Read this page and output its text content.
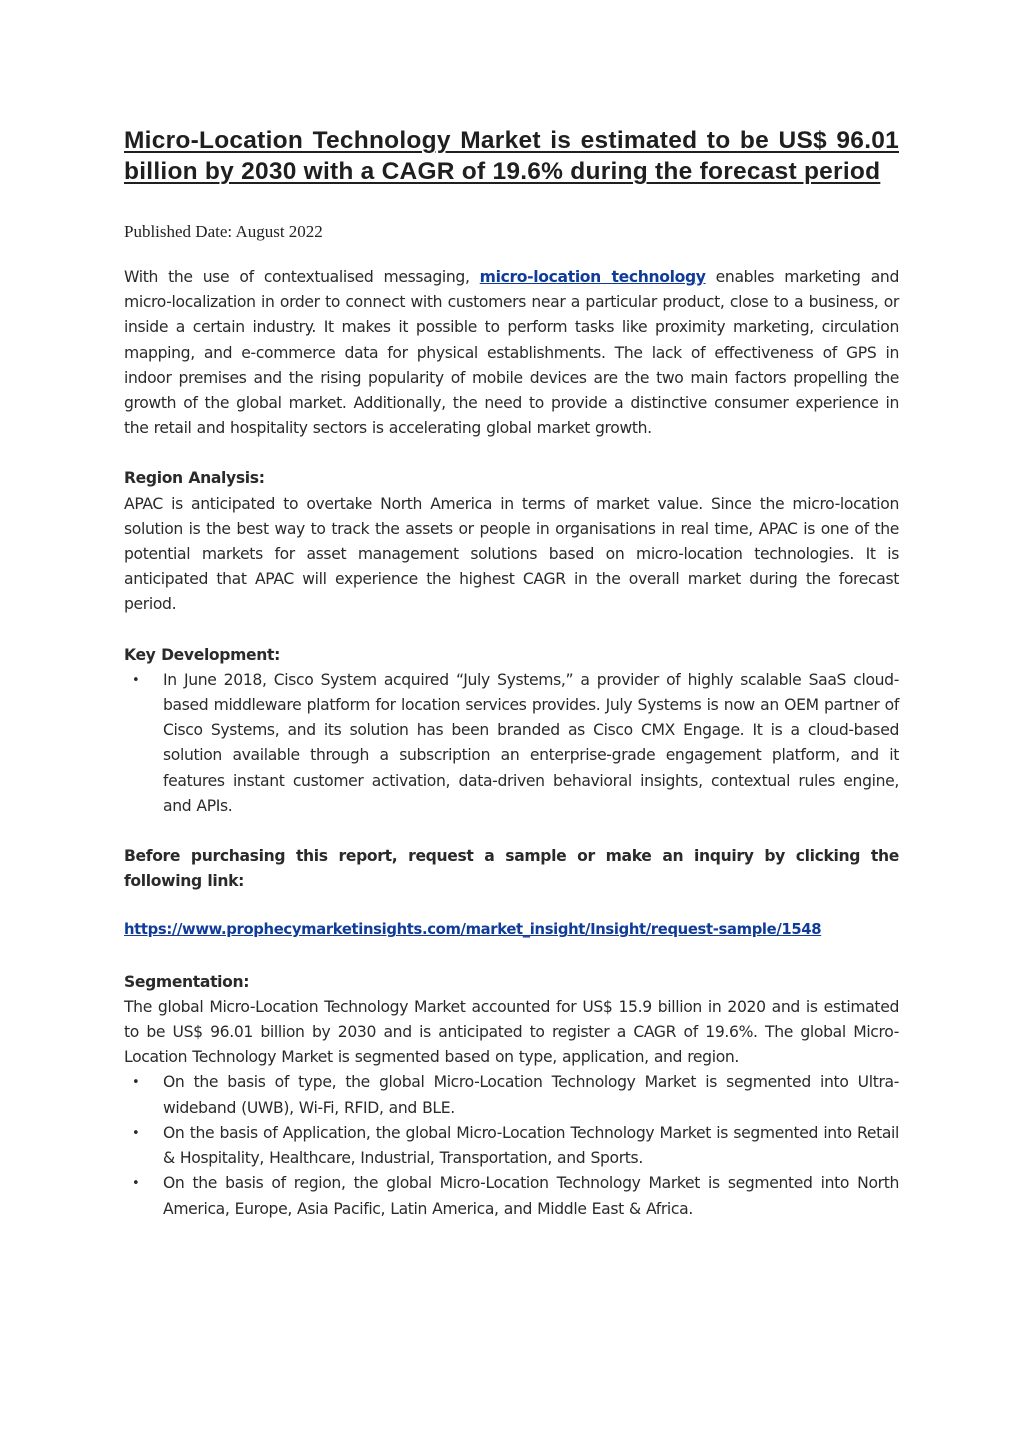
Micro-Location Technology Market is estimated to be US$ 96.01 billion by 2030 with a CAGR of 19.6% during the forecast period

Published Date: August 2022

With the use of contextualised messaging, micro-location technology enables marketing and micro-localization in order to connect with customers near a particular product, close to a business, or inside a certain industry. It makes it possible to perform tasks like proximity marketing, circulation mapping, and e-commerce data for physical establishments. The lack of effectiveness of GPS in indoor premises and the rising popularity of mobile devices are the two main factors propelling the growth of the global market. Additionally, the need to provide a distinctive consumer experience in the retail and hospitality sectors is accelerating global market growth.

Region Analysis:

APAC is anticipated to overtake North America in terms of market value. Since the micro-location solution is the best way to track the assets or people in organisations in real time, APAC is one of the potential markets for asset management solutions based on micro-location technologies. It is anticipated that APAC will experience the highest CAGR in the overall market during the forecast period.

Key Development:
• In June 2018, Cisco System acquired “July Systems,” a provider of highly scalable SaaS cloud-based middleware platform for location services provides. July Systems is now an OEM partner of Cisco Systems, and its solution has been branded as Cisco CMX Engage. It is a cloud-based solution available through a subscription an enterprise-grade engagement platform, and it features instant customer activation, data-driven behavioral insights, contextual rules engine, and APIs.

Before purchasing this report, request a sample or make an inquiry by clicking the following link:

https://www.prophecymarketinsights.com/market_insight/Insight/request-sample/1548

Segmentation:

The global Micro-Location Technology Market accounted for US$ 15.9 billion in 2020 and is estimated to be US$ 96.01 billion by 2030 and is anticipated to register a CAGR of 19.6%. The global Micro-Location Technology Market is segmented based on type, application, and region.

• On the basis of type, the global Micro-Location Technology Market is segmented into Ultra-wideband (UWB), Wi-Fi, RFID, and BLE.
• On the basis of Application, the global Micro-Location Technology Market is segmented into Retail & Hospitality, Healthcare, Industrial, Transportation, and Sports.
• On the basis of region, the global Micro-Location Technology Market is segmented into North America, Europe, Asia Pacific, Latin America, and Middle East & Africa.
